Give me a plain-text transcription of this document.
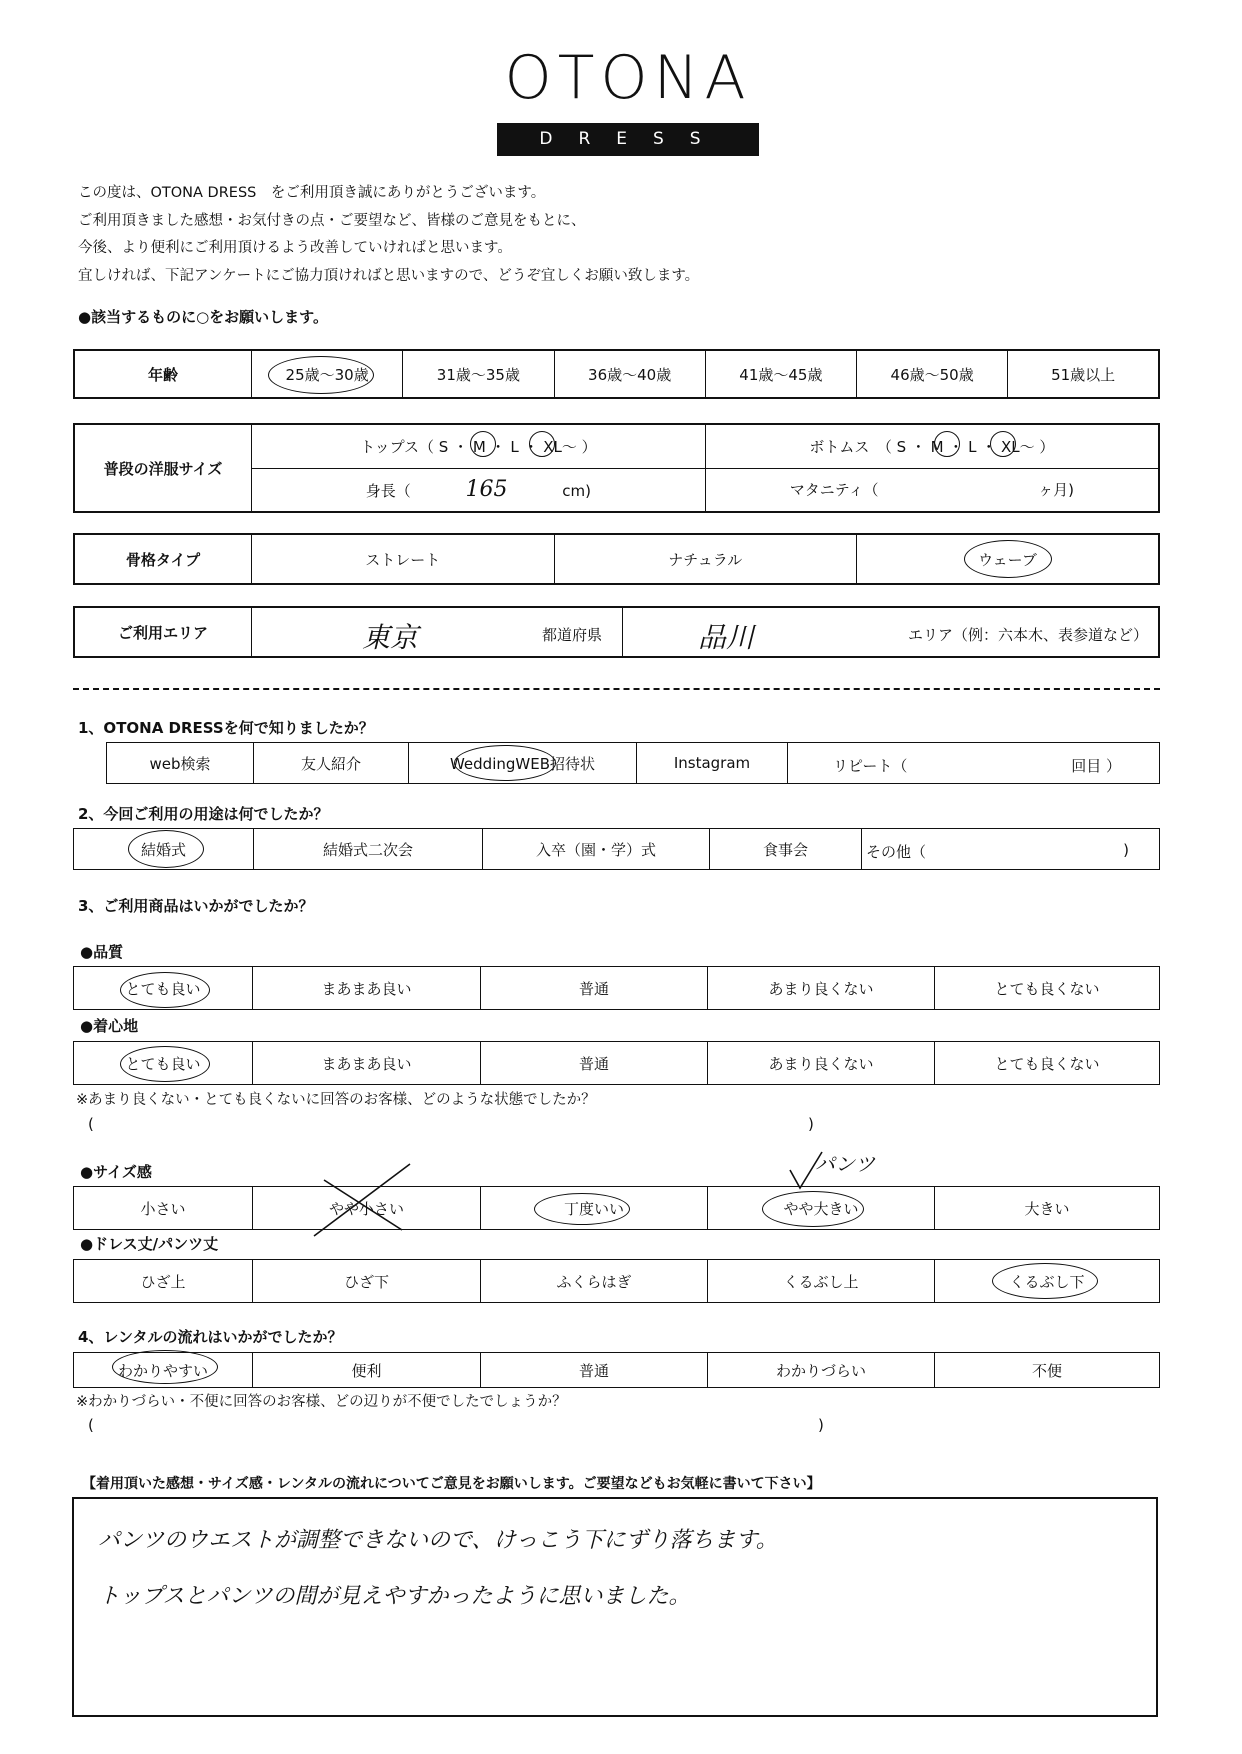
OTONA
DRESS
この度は、OTONA DRESS　をご利用頂き誠にありがとうございます。
ご利用頂きました感想・お気付きの点・ご要望など、皆様のご意見をもとに、
今後、より便利にご利用頂けるよう改善していければと思います。
宜しければ、下記アンケートにご協力頂ければと思いますので、どうぞ宜しくお願い致します。
●該当するものに○をお願いします。
年齢	25歳～30歳	31歳～35歳	36歳～40歳	41歳～45歳	46歳～50歳	51歳以上
普段の洋服サイズ	トップス（ S ・ M ・ L ・ XL～ ）	ボトムス　（ S ・ M ・ L ・ XL～ ）
	身長（ 165 cm)	マタニティ（ ヶ月)
骨格タイプ	ストレート	ナチュラル	ウェーブ
ご利用エリア	東京	都道府県	品川	エリア（例：六本木、表参道など）
1、OTONA DRESSを何で知りましたか？
web検索	友人紹介	WeddingWEB招待状	Instagram	リピート（	回目 ）
2、今回ご利用の用途は何でしたか？
結婚式	結婚式二次会	入卒（園・学）式	食事会	その他（	)
3、ご利用商品はいかがでしたか？
●品質
とても良い	まあまあ良い	普通	あまり良くない	とても良くない
●着心地
とても良い	まあまあ良い	普通	あまり良くない	とても良くない
※あまり良くない・とても良くないに回答のお客様、どのような状態でしたか？
(	)
●サイズ感	パンツ
小さい	やや小さい	丁度いい	やや大きい	大きい
●ドレス丈/パンツ丈
ひざ上	ひざ下	ふくらはぎ	くるぶし上	くるぶし下
4、レンタルの流れはいかがでしたか？
わかりやすい	便利	普通	わかりづらい	不便
※わかりづらい・不便に回答のお客様、どの辺りが不便でしたでしょうか？
(	)
【着用頂いた感想・サイズ感・レンタルの流れについてご意見をお願いします。ご要望などもお気軽に書いて下さい】
パンツのウエストが調整できないので、けっこう下にずり落ちます。
トップスとパンツの間が見えやすかったように思いました。
